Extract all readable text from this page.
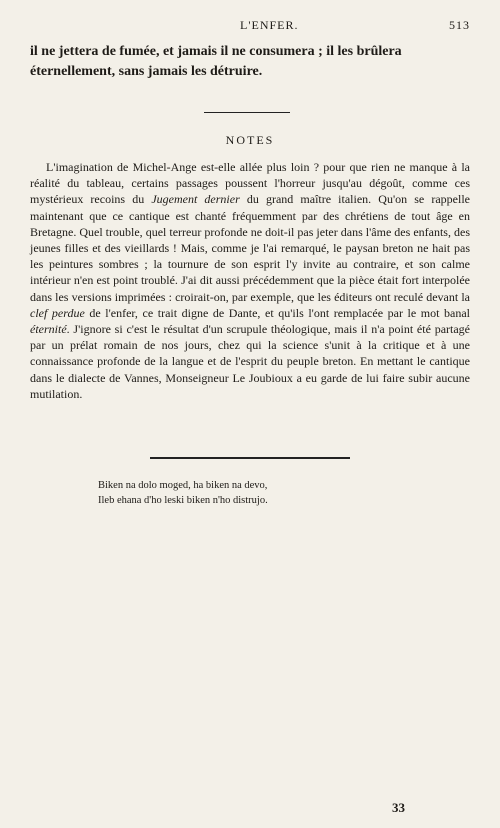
L'ENFER.	513
il ne jettera de fumée, et jamais il ne consumera ; il les brûlera éternellement, sans jamais les détruire.
NOTES

L'imagination de Michel-Ange est-elle allée plus loin ? pour que rien ne manque à la réalité du tableau, certains passages poussent l'horreur jusqu'au dégoût, comme ces mystérieux recoins du Jugement dernier du grand maître italien. Qu'on se rappelle maintenant que ce cantique est chanté fréquemment par des chrétiens de tout âge en Bretagne. Quel trouble, quel terreur profonde ne doit-il pas jeter dans l'âme des enfants, des jeunes filles et des vieillards ! Mais, comme je l'ai remarqué, le paysan breton ne hait pas les peintures sombres ; la tournure de son esprit l'y invite au contraire, et son calme intérieur n'en est point troublé. J'ai dit aussi précédemment que la pièce était fort interpolée dans les versions imprimées : croirait-on, par exemple, que les éditeurs ont reculé devant la clef perdue de l'enfer, ce trait digne de Dante, et qu'ils l'ont remplacée par le mot banal éternité. J'ignore si c'est le résultat d'un scrupule théologique, mais il n'a point été partagé par un prélat romain de nos jours, chez qui la science s'unit à la critique et à une connaissance profonde de la langue et de l'esprit du peuple breton. En mettant le cantique dans le dialecte de Vannes, Monseigneur Le Joubioux a eu garde de lui faire subir aucune mutilation.

Biken na dolo moged, ha biken na devo,
Ileb ehana d'ho leski biken n'ho distrujo.
33
